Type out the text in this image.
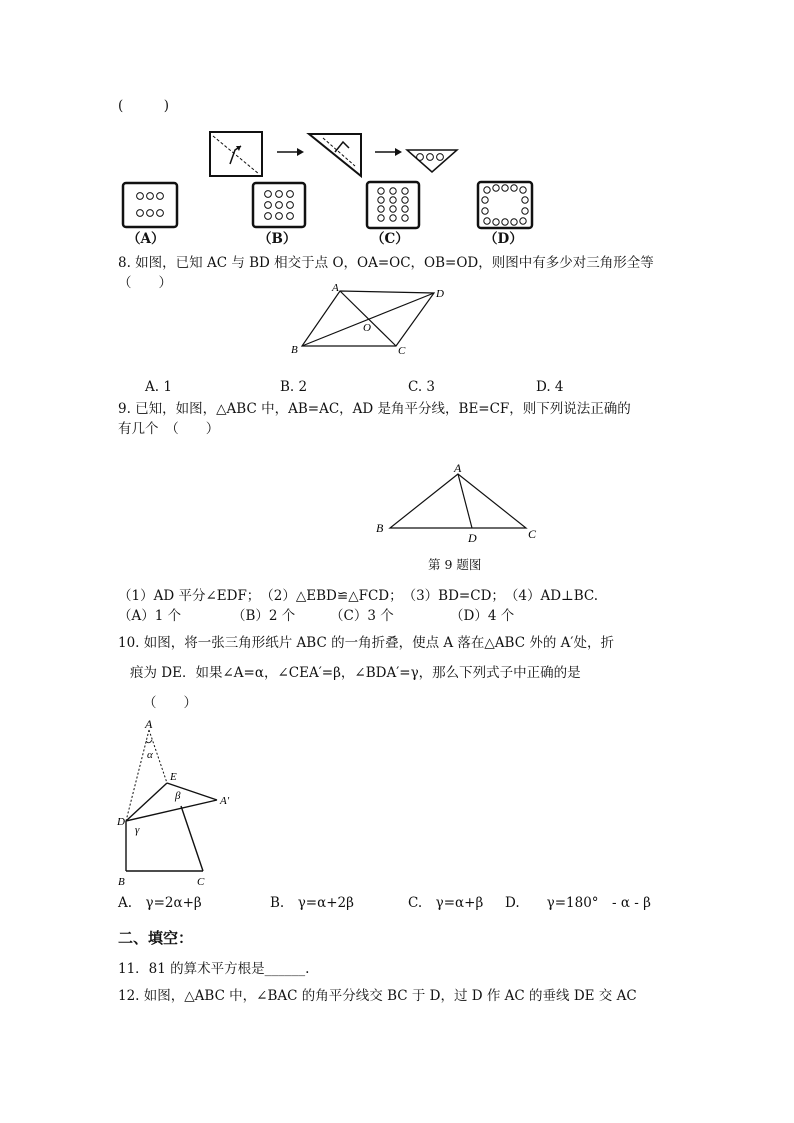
(　　　)
（A）	（B）	（C）	（D）
8. 如图，已知 AC 与 BD 相交于点 O，OA=OC，OB=OD，则图中有多少对三角形全等
（　　）	A	D
O
B	C
A. 1	B. 2	C. 3	D. 4
9. 已知，如图，△ABC 中，AB=AC，AD 是角平分线，BE=CF，则下列说法正确的
有几个　（　　）
A
B	C
D
第 9 题图
（1）AD 平分∠EDF；　（2）△EBD≌△FCD；　（3）BD=CD；　（4）AD⊥BC.
（A）1 个	（B）2 个	（C）3 个	（D）4 个
10. 如图，将一张三角形纸片 ABC 的一角折叠，使点 A 落在△ABC 外的 A′处，折
痕为 DE．如果∠A=α，∠CEA′=β，∠BDA′=γ，那么下列式子中正确的是
（　　）
A
α
E
β	A′
D
γ
B	C
A.　γ=2α+β	B.　γ=α+2β	C.　γ=α+β D.　　γ=180°　- α - β
二、填空：
11．81 的算术平方根是______.
12. 如图，△ABC 中，∠BAC 的角平分线交 BC 于 D，过 D 作 AC 的垂线 DE 交 AC
